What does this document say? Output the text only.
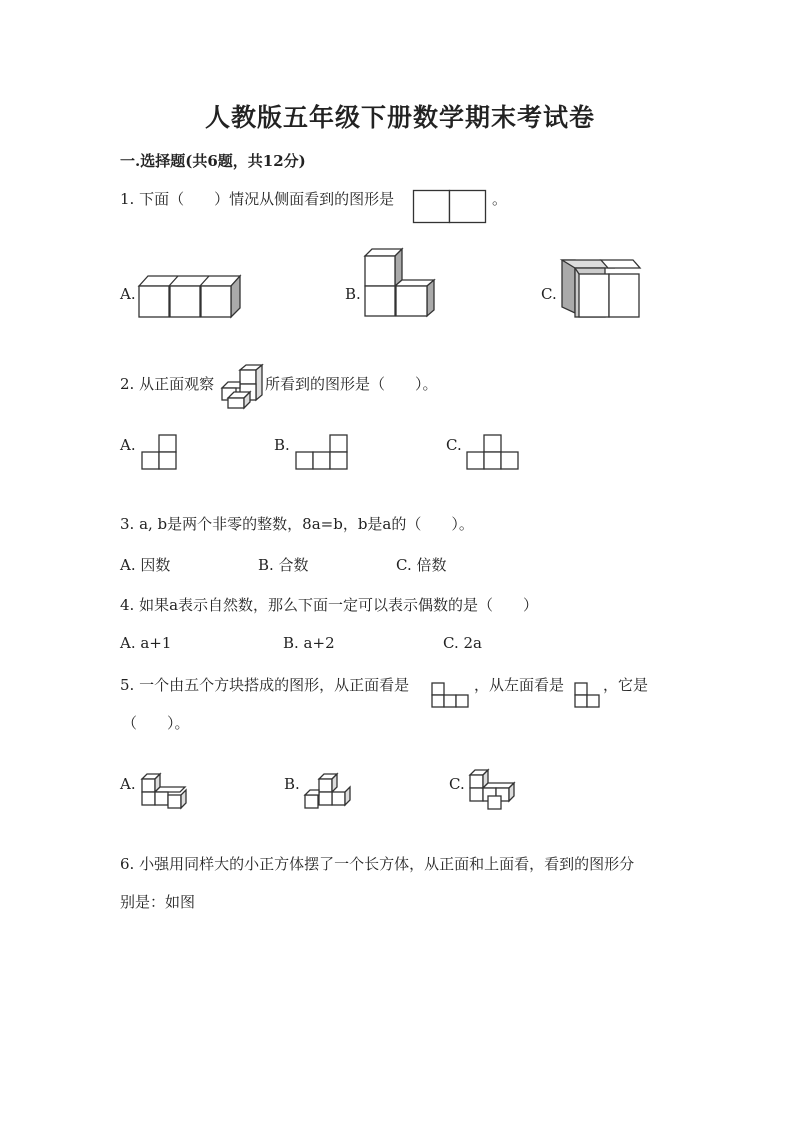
人教版五年级下册数学期末考试卷
一.选择题(共6题，共12分)
1. 下面（　　）情况从侧面看到的图形是	。
A.	B.	C.
2. 从正面观察	所看到的图形是（　　）。
A.	B.	C.
3. a, b是两个非零的整数，8a=b，b是a的（　　）。
A. 因数	B. 合数	C. 倍数
4. 如果a表示自然数，那么下面一定可以表示偶数的是（　　）
A. a+1	B. a+2	C. 2a
5. 一个由五个方块搭成的图形，从正面看是	，从左面看是	，它是
（　　）。
A.	B.	C.
6. 小强用同样大的小正方体摆了一个长方体，从正面和上面看，看到的图形分
别是：如图
